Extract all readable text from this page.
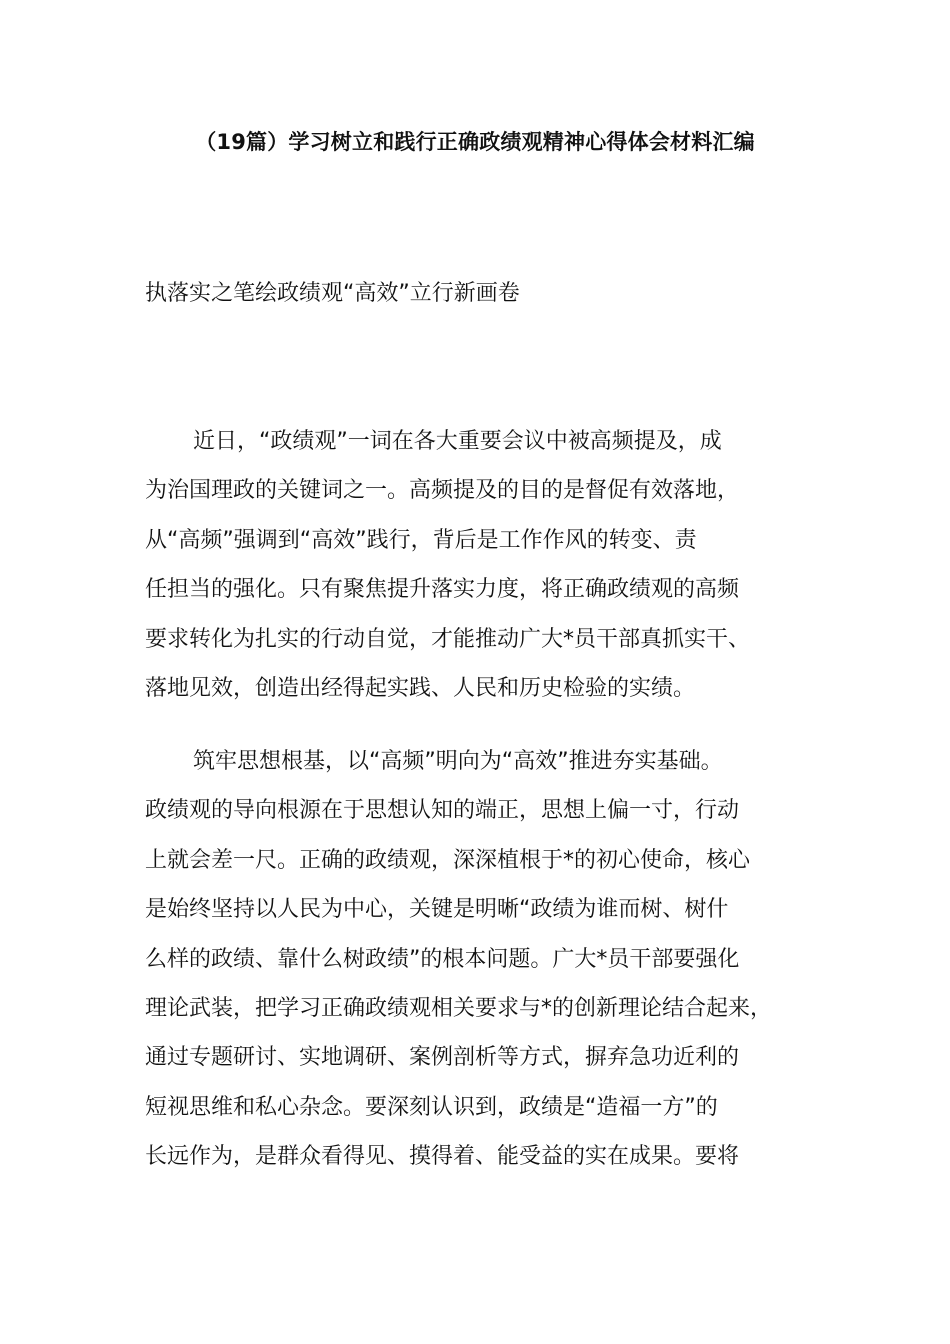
（19篇）学习树立和践行正确政绩观精神心得体会材料汇编
执落实之笔绘政绩观“高效”立行新画卷
近日，“政绩观”一词在各大重要会议中被高频提及，成
为治国理政的关键词之一。高频提及的目的是督促有效落地，
从“高频”强调到“高效”践行，背后是工作作风的转变、责
任担当的强化。只有聚焦提升落实力度，将正确政绩观的高频
要求转化为扎实的行动自觉，才能推动广大*员干部真抓实干、
落地见效，创造出经得起实践、人民和历史检验的实绩。
筑牢思想根基，以“高频”明向为“高效”推进夯实基础。
政绩观的导向根源在于思想认知的端正，思想上偏一寸，行动
上就会差一尺。正确的政绩观，深深植根于*的初心使命，核心
是始终坚持以人民为中心，关键是明晰“政绩为谁而树、树什
么样的政绩、靠什么树政绩”的根本问题。广大*员干部要强化
理论武装，把学习正确政绩观相关要求与*的创新理论结合起来，
通过专题研讨、实地调研、案例剖析等方式，摒弃急功近利的
短视思维和私心杂念。要深刻认识到，政绩是“造福一方”的
长远作为，是群众看得见、摸得着、能受益的实在成果。要将
